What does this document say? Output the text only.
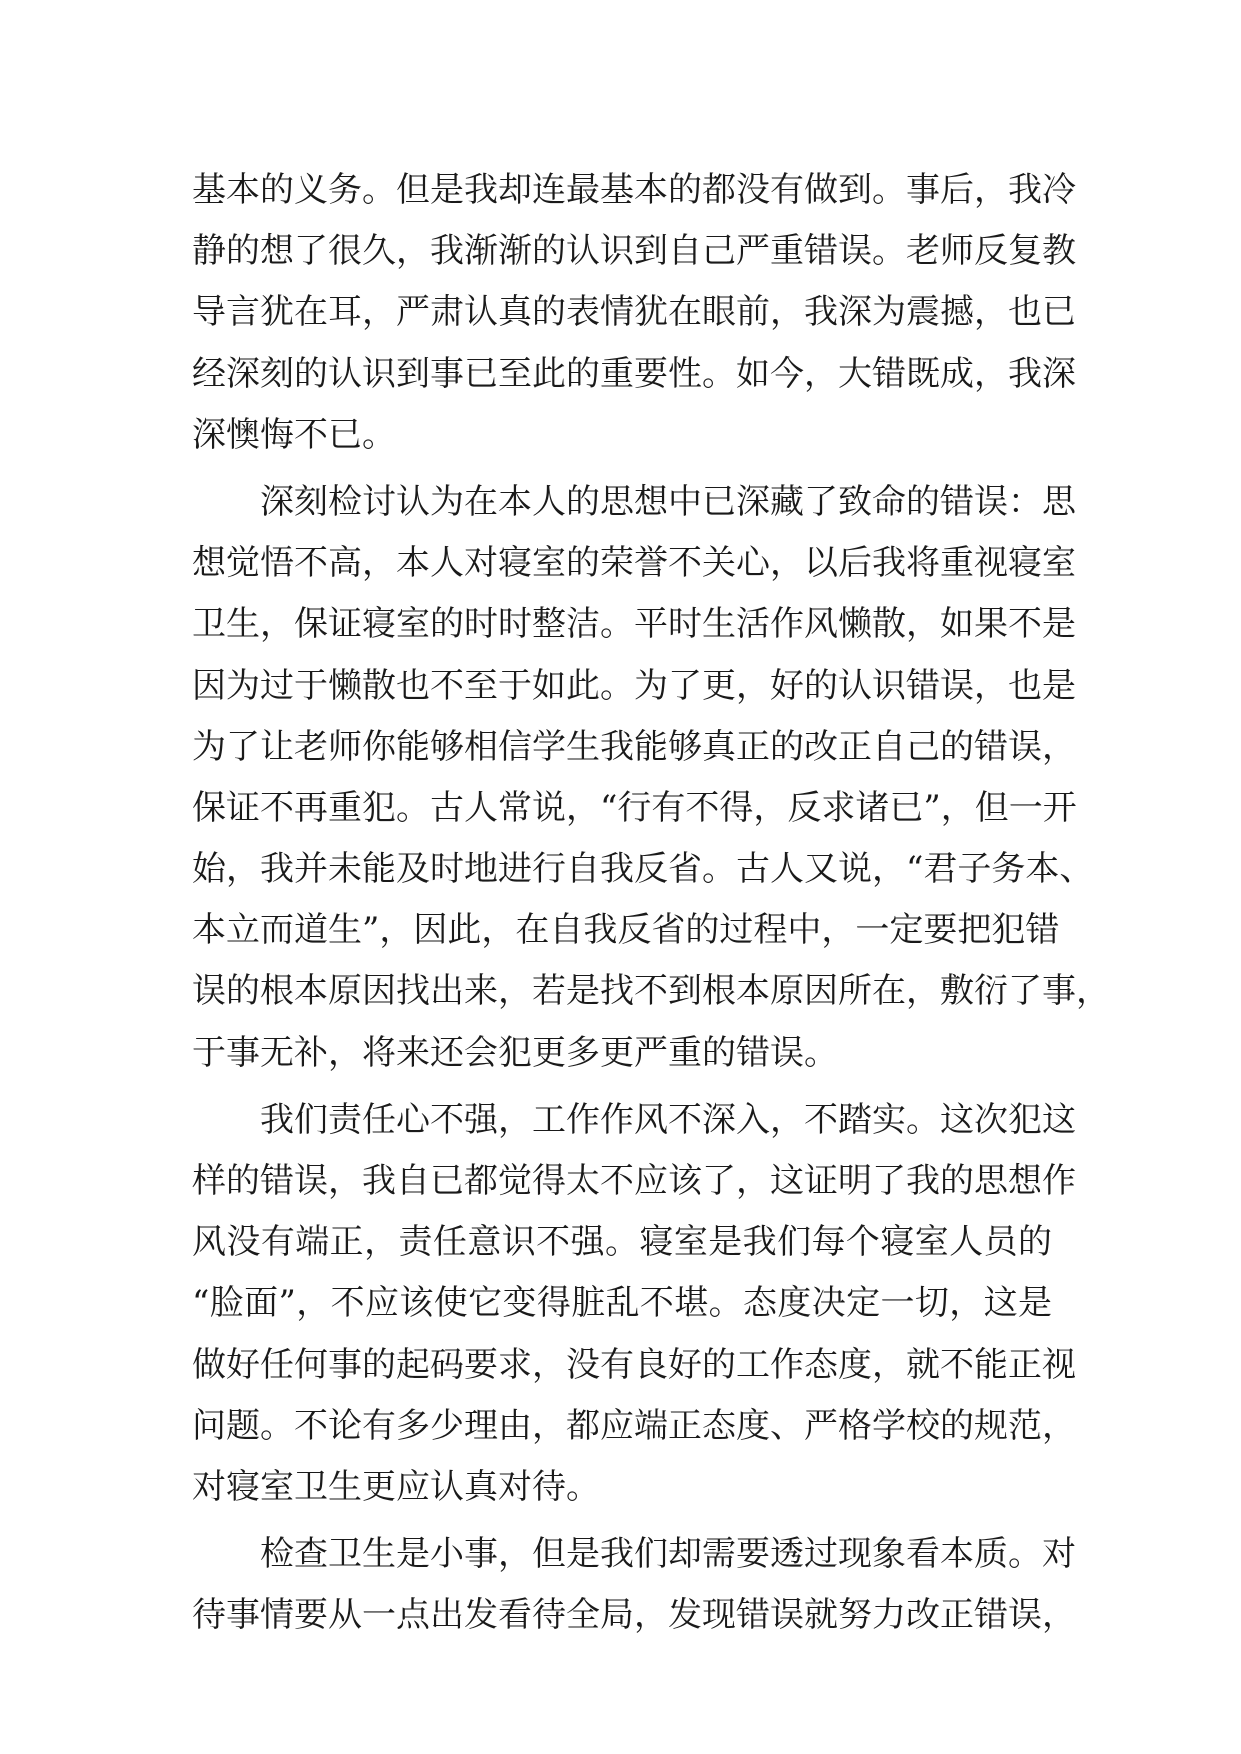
基本的义务。但是我却连最基本的都没有做到。事后，我冷
静的想了很久，我渐渐的认识到自己严重错误。老师反复教
导言犹在耳，严肃认真的表情犹在眼前，我深为震撼，也已
经深刻的认识到事已至此的重要性。如今，大错既成，我深
深懊悔不已。
深刻检讨认为在本人的思想中已深藏了致命的错误：思
想觉悟不高，本人对寝室的荣誉不关心，以后我将重视寝室
卫生，保证寝室的时时整洁。平时生活作风懒散，如果不是
因为过于懒散也不至于如此。为了更，好的认识错误，也是
为了让老师你能够相信学生我能够真正的改正自己的错误，
保证不再重犯。古人常说，“行有不得，反求诸已”，但一开
始，我并未能及时地进行自我反省。古人又说，“君子务本、
本立而道生”，因此，在自我反省的过程中，一定要把犯错
误的根本原因找出来，若是找不到根本原因所在，敷衍了事，
于事无补，将来还会犯更多更严重的错误。
我们责任心不强，工作作风不深入，不踏实。这次犯这
样的错误，我自已都觉得太不应该了，这证明了我的思想作
风没有端正，责任意识不强。寝室是我们每个寝室人员的
“脸面”，不应该使它变得脏乱不堪。态度决定一切，这是
做好任何事的起码要求，没有良好的工作态度，就不能正视
问题。不论有多少理由，都应端正态度、严格学校的规范，
对寝室卫生更应认真对待。
检查卫生是小事，但是我们却需要透过现象看本质。对
待事情要从一点出发看待全局，发现错误就努力改正错误，
